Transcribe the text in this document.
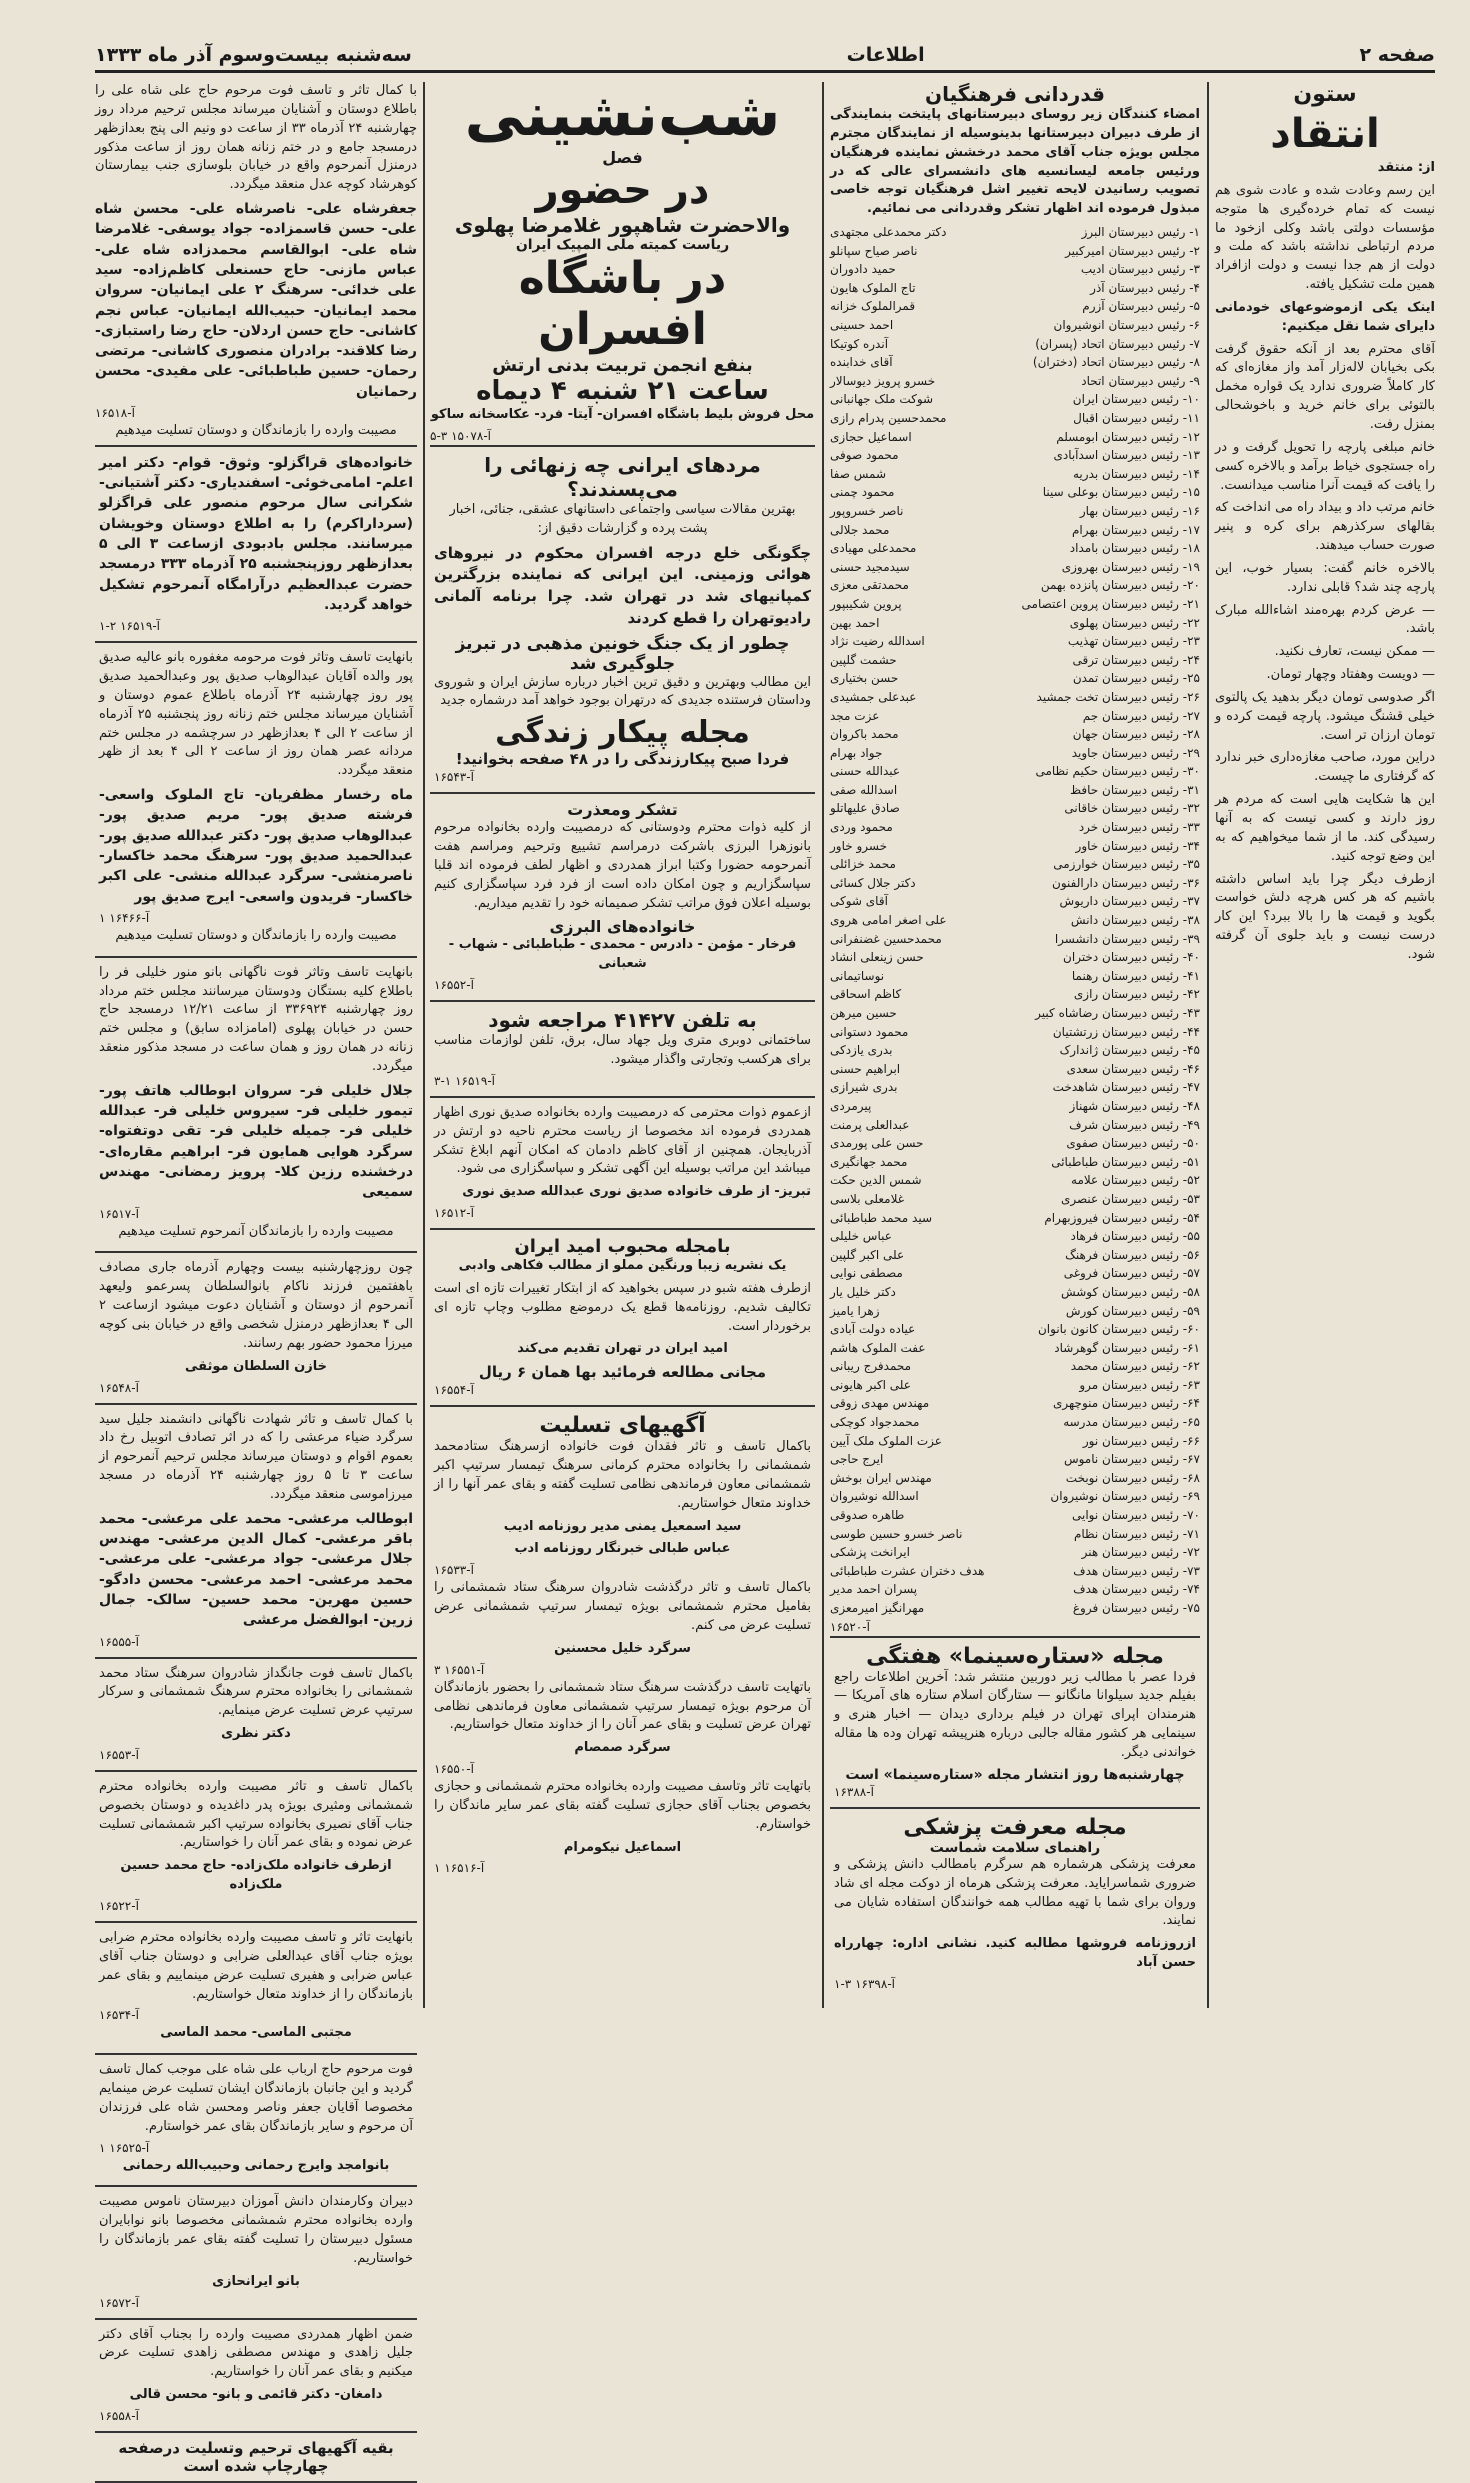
صفحه ۲
اطلاعات
سه‌شنبه بیست‌وسوم آذر ماه ۱۳۳۳
ستون
انتقاد
از: منتقد

این رسم وعادت شده و عادت شوی هم نیست که تمام خرده‌گیری ها متوجه مؤسسات دولتی باشد وکلی ازخود ما مردم ارتباطی نداشته باشد که ملت و دولت از هم جدا نیست و دولت ازافراد همین ملت تشکیل یافته.

اینک یکی ازموضوعهای خودمانی دایرای شما نقل میکنیم:

آقای محترم بعد از آنکه حقوق گرفت بکی بخیابان لاله‌زار آمد واز مغازه‌ای که کار کاملاً ضروری ندارد یک قواره مخمل بالتوئی برای خانم خرید و باخوشحالی بمنزل رفت.

خانم مبلغی پارچه را تحویل گرفت و در راه جستجوی خیاط برآمد و بالاخره کسی را یافت که قیمت آنرا مناسب میدانست.

خانم مرتب داد و بیداد راه می انداخت که بقالهای سرکذرهم برای کره و پنیر صورت حساب میدهند.

بالاخره خانم گفت: بسیار خوب، این پارچه چند شد؟ قابلی ندارد.

— عرض کردم بهره‌مند اشاءالله مبارک باشد.

— ممکن نیست، تعارف نکنید.

— دویست وهفتاد وچهار تومان.

اگر صدوسی تومان دیگر بدهید یک پالتوی خیلی قشنگ میشود. پارچه قیمت کرده و تومان ارزان تر است.

دراین مورد، صاحب مغازه‌داری خبر ندارد که گرفتاری ما چیست.

این ها شکایت هایی است که مردم هر روز دارند و کسی نیست که به آنها رسیدگی کند. ما از شما میخواهیم که به این وضع توجه کنید.

ازطرف دیگر چرا باید اساس داشته باشیم که هر کس هرچه دلش خواست بگوید و قیمت ها را بالا ببرد؟ این کار درست نیست و باید جلوی آن گرفته شود.

قدردانی فرهنگیان

امضاء کنندگان زیر روسای دبیرستانهای پایتخت بنمایندگی از طرف دبیران دبیرستانها بدینوسیله از نمایندگان مجترم مجلس بویژه جناب آقای محمد درخشش نماینده فرهنگیان ورئیس جامعه لیسانسیه های دانشسرای عالی که در تصویب رسانیدن لایحه تغییر اشل فرهنگیان توجه خاصی مبذول فرموده اند اظهار تشکر وقدردانی می نمائیم.

۱- رئیس دبیرستان البرز
دکتر محمدعلی مجتهدی
۲- رئیس دبیرستان امیرکبیر
ناصر صیاح سپانلو
۳- رئیس دبیرستان ادیب
حمید دادوران
۴- رئیس دبیرستان آذر
تاج الملوک هایون
۵- رئیس دبیرستان آزرم
قمرالملوک خزانه
۶- رئیس دبیرستان انوشیروان
احمد حسینی
۷- رئیس دبیرستان اتحاد (پسران)
آندره کوتیکا
۸- رئیس دبیرستان اتحاد (دختران)
آقای خدابنده
۹- رئیس دبیرستان اتحاد
خسرو پرویز دیوسالار
۱۰- رئیس دبیرستان ایران
شوکت ملک جهانبانی
۱۱- رئیس دبیرستان اقبال
محمدحسین پدرام رازی
۱۲- رئیس دبیرستان ابومسلم
اسماعیل حجازی
۱۳- رئیس دبیرستان اسدآبادی
محمود صوفی
۱۴- رئیس دبیرستان بدریه
شمس صفا
۱۵- رئیس دبیرستان بوعلی سینا
محمود چمنی
۱۶- رئیس دبیرستان بهار
ناصر خسروپور
۱۷- رئیس دبیرستان بهرام
محمد جلالی
۱۸- رئیس دبیرستان بامداد
محمدعلی مهیادی
۱۹- رئیس دبیرستان بهروزی
سیدمجید حسنی
۲۰- رئیس دبیرستان پانزده بهمن
محمدتقی معزی
۲۱- رئیس دبیرستان پروین اعتصامی
پروین شکیبپور
۲۲- رئیس دبیرستان پهلوی
احمد بهین
۲۳- رئیس دبیرستان تهذیب
اسدالله رضیت نژاد
۲۴- رئیس دبیرستان ترقی
حشمت گلپین
۲۵- رئیس دبیرستان تمدن
حسن بختیاری
۲۶- رئیس دبیرستان تخت جمشید
عبدعلی جمشیدی
۲۷- رئیس دبیرستان جم
عزت مجد
۲۸- رئیس دبیرستان جهان
محمد باکروان
۲۹- رئیس دبیرستان جاوید
جواد بهرام
۳۰- رئیس دبیرستان حکیم نظامی
عبدالله حسنی
۳۱- رئیس دبیرستان حافظ
اسدالله صفی
۳۲- رئیس دبیرستان خاقانی
صادق علیهاتلو
۳۳- رئیس دبیرستان خرد
محمود وردی
۳۴- رئیس دبیرستان خاور
خسرو خاور
۳۵- رئیس دبیرستان خوارزمی
محمد خزائلی
۳۶- رئیس دبیرستان دارالفنون
دکتر جلال کسائی
۳۷- رئیس دبیرستان داریوش
آقای شوکی
۳۸- رئیس دبیرستان دانش
علی اصغر امامی هروی
۳۹- رئیس دبیرستان دانشسرا
محمدحسین غضنفرانی
۴۰- رئیس دبیرستان دختران
حسن زینعلی انشاد
۴۱- رئیس دبیرستان رهنما
نوساتیمانی
۴۲- رئیس دبیرستان رازی
کاظم اسحاقی
۴۳- رئیس دبیرستان رضاشاه کبیر
حسین میرهن
۴۴- رئیس دبیرستان زرتشتیان
محمود دستوانی
۴۵- رئیس دبیرستان ژاندارک
بدری یازدکی
۴۶- رئیس دبیرستان سعدی
ابراهیم حسنی
۴۷- رئیس دبیرستان شاهدخت
بدری شیرازی
۴۸- رئیس دبیرستان شهناز
پیرمردی
۴۹- رئیس دبیرستان شرف
عبدالعلی پرمنت
۵۰- رئیس دبیرستان صفوی
حسن علی پورمدی
۵۱- رئیس دبیرستان طباطبائی
محمد جهانگیری
۵۲- رئیس دبیرستان علامه
شمس الدین حکت
۵۳- رئیس دبیرستان عنصری
غلامعلی بلاسی
۵۴- رئیس دبیرستان فیروزبهرام
سید محمد طباطبائی
۵۵- رئیس دبیرستان فرهاد
عباس خلیلی
۵۶- رئیس دبیرستان فرهنگ
علی اکبر گلپین
۵۷- رئیس دبیرستان فروغی
مصطفی نوایی
۵۸- رئیس دبیرستان کوشش
دکتر خلیل یار
۵۹- رئیس دبیرستان کورش
زهرا یامیز
۶۰- رئیس دبیرستان کانون بانوان
عیاده دولت آبادی
۶۱- رئیس دبیرستان گوهرشاد
عفت الملوک هاشم
۶۲- رئیس دبیرستان محمد
محمدفرج ریبانی
۶۳- رئیس دبیرستان مرو
علی اکبر هایونی
۶۴- رئیس دبیرستان منوچهری
مهندس مهدی زوقی
۶۵- رئیس دبیرستان مدرسه
محمدجواد کوچکی
۶۶- رئیس دبیرستان نور
عزت الملوک ملک آیین
۶۷- رئیس دبیرستان ناموس
ایرج حاجی
۶۸- رئیس دبیرستان نوبخت
مهندس ایران بوخش
۶۹- رئیس دبیرستان نوشیروان
اسدالله نوشیروان
۷۰- رئیس دبیرستان نوایی
طاهره صدوقی
۷۱- رئیس دبیرستان نظام
ناصر خسرو حسین طوسی
۷۲- رئیس دبیرستان هنر
ایرانخت پزشکی
۷۳- رئیس دبیرستان هدف
هدف دختران عشرت طباطبائی
۷۴- رئیس دبیرستان هدف
پسران احمد مدیر
۷۵- رئیس دبیرستان فروغ
مهرانگیز امیرمعزی
آ-۱۶۵۲۰
مجله «ستاره‌سینما» هفتگی

فردا عصر با مطالب زیر دوربین منتشر شد: آخرین اطلاعات راجع بفیلم جدید سیلوانا مانگانو — ستارگان اسلام ستاره های آمریکا — هنرمندان اپرای تهران در فیلم برداری دیدان — اخبار هنری و سینمایی هر کشور مقاله جالبی درباره هنرپیشه تهران وده ها مقاله خواندنی دیگر.

چهارشنبه‌ها روز انتشار مجله «ستاره‌سینما» است
آ-۱۶۳۸۸
مجله معرفت پزشکی
راهنمای سلامت شماست

معرفت پزشکی هرشماره هم سرگرم بامطالب دانش پزشکی و ضروری شماسرایاید. معرفت پزشکی هرماه از دوکت مجله ای شاد وروان برای شما با تهیه مطالب همه خوانندگان استفاده شایان می نمایند.

ازروزنامه فروشها مطالبه کنید. نشانی اداره: چهارراه حسن آباد
آ-۱۶۳۹۸ ۳-۱
شب‌نشینی
فصل
در حضور
والاحضرت شاهپور غلامرضا پهلوی
ریاست کمیته ملی المپیک ایران
در باشگاه افسران
بنفع انجمن تربیت بدنی ارتش
ساعت ۲۱ شنبه ۴ دیماه
محل فروش بلیط باشگاه افسران- آیتا- فرد- عکاسخانه ساکو
آ-۱۵۰۷۸ ۳-۵
مردهای ایرانی چه زنهائی را می‌پسندند؟

بهترین مقالات سیاسی واجتماعی داستانهای عشقی، جنائی، اخبار پشت پرده و گزارشات دقیق از:

چگونگی خلع درجه افسران محکوم در نیروهای هوائی وزمینی. این ایرانی که نماینده بزرگترین کمپانیهای شد در تهران شد. چرا برنامه آلمانی رادیوتهران را قطع کردند

چطور از یک جنگ خونین مذهبی در تبریز جلوگیری شد

این مطالب وبهترین و دقیق ترین اخبار درباره سازش ایران و شوروی وداستان فرستنده جدیدی که درتهران بوجود خواهد آمد درشماره جدید

مجله پیکار زندگی
فردا صبح پیکارزندگی را در ۴۸ صفحه بخوانید!
آ-۱۶۵۴۳
تشکر ومعذرت

از کلیه ذوات محترم ودوستانی که درمصیبت وارده بخانواده مرحوم بانوزهرا البرزی باشرکت درمراسم تشییع وترحیم ومراسم هفت آنمرحومه حضورا وکتبا ابراز همدردی و اظهار لطف فرموده اند قلبا سپاسگزاریم و چون امکان داده است از فرد فرد سپاسگزاری کنیم بوسیله اعلان فوق مراتب تشکر صمیمانه خود را تقدیم میداریم.

خانواده‌های البرزی
فرخار - مؤمن - دادرس - محمدی - طباطبائی - شهاب - شعبانی
آ-۱۶۵۵۲
به تلفن ۴۱۴۲۷ مراجعه شود

ساختمانی دوبری متری ویل جهاد سال، برق، تلفن لوازمات مناسب برای هرکسب وتجارتی واگذار میشود.

آ-۱۶۵۱۹ ۱-۳

ازعموم ذوات محترمی که درمصیبت وارده بخانواده صدیق نوری اظهار همدردی فرموده اند مخصوصا از ریاست محترم ناحیه دو ارتش در آذربایجان. همچنین از آقای کاظم دادمان که امکان آنهم ابلاغ تشکر میباشد این مراتب بوسیله این آگهی تشکر و سپاسگزاری می شود.

تبریز- از طرف خانواده صدیق نوری عبدالله صدیق نوری
آ-۱۶۵۱۲
بامجله محبوب امید ایران
یک نشریه زیبا ورنگین مملو از مطالب فکاهی وادبی

ازطرف هفته شبو در سپس بخواهید که از ابتکار تغییرات تازه ای است تکالیف شدیم. روزنامه‌ها قطع یک درموضع مطلوب وچاپ تازه ای برخوردار است.

امید ایران در تهران تقدیم می‌کند
مجانی مطالعه فرمائید بها همان ۶ ریال
آ-۱۶۵۵۴
آگهیهای تسلیت

باکمال تاسف و تاثر فقدان فوت خانواده ازسرهنگ ستادمحمد شمشمانی را بخانواده محترم کرمانی سرهنگ تیمسار سرتیپ اکبر شمشمانی معاون فرماندهی نظامی تسلیت گفته و بقای عمر آنها را از خداوند متعال خواستاریم.

سید اسمعیل یمنی مدیر روزنامه ادیب
عباس طبالی خبرنگار روزنامه ادب
آ-۱۶۵۳۳

باکمال تاسف و تاثر درگذشت شادروان سرهنگ ستاد شمشمانی را بفامیل محترم شمشمانی بویژه تیمسار سرتیپ شمشمانی عرض تسلیت عرض می کنم.

سرگرد خلیل محسنین
آ-۱۶۵۵۱ ۳

باتهایت تاسف درگذشت سرهنگ ستاد شمشمانی را بحضور بازماندگان آن مرحوم بویژه تیمسار سرتیپ شمشمانی معاون فرماندهی نظامی تهران عرض تسلیت و بقای عمر آنان را از خداوند متعال خواستاریم.

سرگرد صمصام
آ-۱۶۵۵۰

باتهایت تاثر وتاسف مصیبت وارده بخانواده محترم شمشمانی و حجازی بخصوص بجناب آقای حجازی تسلیت گفته بقای عمر سایر ماندگان را خواستارم.

اسماعیل نیکومرام
آ-۱۶۵۱۶ ۱

با کمال تاثر و تاسف فوت مرحوم حاج علی شاه علی را باطلاع دوستان و آشنایان میرساند مجلس ترحیم مرداد روز چهارشنبه ۲۴ آذرماه ۳۳ از ساعت دو ونیم الی پنج بعدازظهر درمسجد جامع و در ختم زنانه همان روز از ساعت مذکور درمنزل آنمرحوم واقع در خیابان بلوسازی جنب بیمارستان کوهرشاد کوچه عدل منعقد میگردد.

جعفرشاه علی- ناصرشاه علی- محسن شاه علی- حسن قاسمزاده- جواد یوسفی- غلامرضا شاه علی- ابوالقاسم محمدزاده شاه علی- عباس مازنی- حاج حسنعلی کاظم‌زاده- سید علی خدائی- سرهنگ ۲ علی ایمانیان- سروان محمد ایمانیان- حبیب‌الله ایمانیان- عباس نجم کاشانی- حاج حسن اردلان- حاج رضا راستبازی- رضا کلاقند- برادران منصوری کاشانی- مرتضی رحمان- حسین طباطبائی- علی مفیدی- محسن رحمانیان

آ-۱۶۵۱۸
مصیبت وارده را بازماندگان و دوستان تسلیت میدهیم

خانواده‌های قراگزلو- وثوق- قوام- دکتر امیر اعلم- امامی‌خوئی- اسفندیاری- دکتر آشتیانی- شکرانی سال مرحوم منصور علی قراگزلو (سرداراکرم) را به اطلاع دوستان وخویشان میرسانند. مجلس بادبودی ازساعت ۳ الی ۵ بعدازظهر روزپنجشنبه ۲۵ آذرماه ۳۳۳ درمسجد حضرت عبدالعظیم درآرامگاه آنمرحوم تشکیل خواهد گردید.

آ-۱۶۵۱۹ ۲-۱

بانهایت تاسف وتاثر فوت مرحومه مغفوره بانو عالیه صدیق پور والده آقایان عبدالوهاب صدیق پور وعبدالحمید صدیق پور روز چهارشنبه ۲۴ آذرماه باطلاع عموم دوستان و آشنایان میرساند مجلس ختم زنانه روز پنجشنبه ۲۵ آذرماه از ساعت ۲ الی ۴ بعدازظهر در سرچشمه در مجلس ختم مردانه عصر همان روز از ساعت ۲ الی ۴ بعد از ظهر منعقد میگردد.

ماه رخسار مظفریان- تاج الملوک واسعی- فرشته صدیق پور- مریم صدیق پور- عبدالوهاب صدیق پور- دکتر عبدالله صدیق پور- عبدالحمید صدیق پور- سرهنگ محمد خاکسار- ناصرمنشی- سرگرد عبدالله منشی- علی اکبر خاکسار- فریدون واسعی- ایرج صدیق پور

آ-۱۶۴۶۶ ۱
مصیبت وارده را بازماندگان و دوستان تسلیت میدهیم

بانهایت تاسف وتاثر فوت ناگهانی بانو منور خلیلی فر را باطلاع کلیه بستگان ودوستان میرسانند مجلس ختم مرداد روز چهارشنبه ۳۳۶۹۲۴ از ساعت ۱۲/۲۱ درمسجد حاج حسن در خیابان پهلوی (امامزاده سابق) و مجلس ختم زنانه در همان روز و همان ساعت در مسجد مذکور منعقد میگردد.

جلال خلیلی فر- سروان ابوطالب‌ هاتف‌ پور- تیمور خلیلی فر- سیروس خلیلی فر- عبدالله خلیلی فر- جمیله خلیلی فر- تقی دوتفتواه- سرگرد هوایی همایون فر- ابراهیم مقاره‌ای- درخشنده رزین کلا- پرویز رمضانی- مهندس سمیعی

آ-۱۶۵۱۷
مصیبت وارده را بازماندگان آنمرحوم تسلیت میدهیم

چون روزچهارشنبه بیست وچهارم آذرماه جاری مصادف باهفتمین فرزند ناکام بانوالسلطان پسرعمو ولیعهد آنمرحوم از دوستان و آشنایان دعوت میشود ازساعت ۲ الی ۴ بعدازظهر درمنزل شخصی واقع در خیابان بنی کوچه میرزا محمود حضور بهم رسانند.

خازن السلطان موثقی
آ-۱۶۵۴۸

با کمال تاسف و تاثر شهادت ناگهانی دانشمند جلیل سید سرگرد ضیاء مرعشی را که در اثر تصادف اتوبیل رخ داد بعموم اقوام و دوستان میرساند مجلس ترحیم آنمرحوم از ساعت ۳ تا ۵ روز چهارشنبه ۲۴ آذرماه در مسجد میرزاموسی منعقد میگردد.

ابوطالب مرعشی- محمد علی مرعشی- محمد باقر مرعشی- کمال الدین مرعشی- مهندس جلال مرعشی- جواد مرعشی- علی مرعشی- محمد مرعشی- احمد مرعشی- محسن دادگو- حسین مهرین- محمد حسین- سالک- جمال زرین- ابوالفضل مرعشی

آ-۱۶۵۵۵

باکمال تاسف فوت جانگداز شادروان سرهنگ ستاد محمد شمشمانی را بخانواده محترم سرهنگ شمشمانی و سرکار سرتیپ عرض تسلیت عرض مینمایم.

دکتر نظری
آ-۱۶۵۵۳

باکمال تاسف و تاثر مصیبت وارده بخانواده محترم شمشمانی ومثیری بویژه پدر داغدیده و دوستان بخصوص جناب آقای نصیری بخانواده سرتیپ اکبر شمشمانی تسلیت عرض نموده و بقای عمر آنان را خواستاریم.

ازطرف خانواده ملک‌زاده- حاج محمد حسین ملک‌زاده
آ-۱۶۵۲۲

بانهایت تاثر و تاسف مصیبت وارده بخانواده محترم ضرابی بویژه جناب آقای عبدالعلی ضرابی و دوستان جناب آقای عباس ضرابی و هفیری تسلیت عرض مینماییم و بقای عمر بازماندگان را از خداوند متعال خواستاریم.

آ-۱۶۵۳۴
مجتبی الماسی- محمد الماسی

فوت مرحوم حاج ارباب علی شاه علی موجب کمال تاسف گردید و این جانبان بازماندگان ایشان تسلیت عرض مینمایم مخصوصا آقایان جعفر وناصر ومحسن شاه علی فرزندان آن مرحوم و سایر بازماندگان بقای عمر خواستارم.

آ-۱۶۵۲۵ ۱
بانوامجد وایرج رحمانی وحبیب‌الله رحمانی

دبیران وکارمندان دانش آموزان دبیرستان ناموس مصیبت وارده بخانواده محترم شمشمانی مخصوصا بانو نوابایران مسئول دبیرستان را تسلیت گفته بقای عمر بازماندگان را خواستاریم.

بانو ایرانحازی
آ-۱۶۵۷۲

ضمن اظهار همدردی مصیبت وارده را بجناب آقای دکتر جلیل زاهدی و مهندس مصطفی زاهدی تسلیت عرض میکنیم و بقای عمر آنان را خواستاریم.

دامغان- دکتر قائمی و بانو- محسن قالی
آ-۱۶۵۵۸
بقیه آگهیهای ترحیم وتسلیت درصفحه چهارچاپ شده است
